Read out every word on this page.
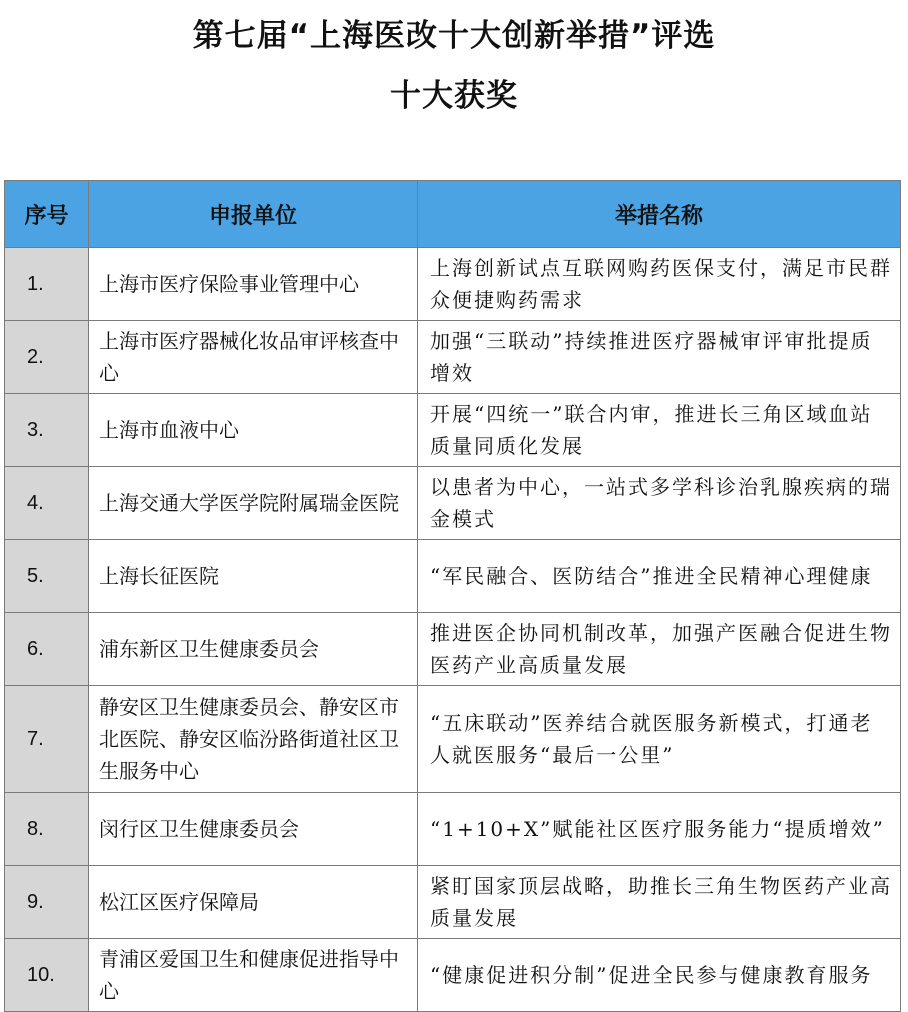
第七届“上海医改十大创新举措”评选
十大获奖
序号	申报单位	举措名称
1.	上海市医疗保险事业管理中心	上海创新试点互联网购药医保支付，满足市民群众便捷购药需求
2.	上海市医疗器械化妆品审评核查中心	加强“三联动”持续推进医疗器械审评审批提质增效
3.	上海市血液中心	开展“四统一”联合内审，推进长三角区域血站质量同质化发展
4.	上海交通大学医学院附属瑞金医院	以患者为中心，一站式多学科诊治乳腺疾病的瑞金模式
5.	上海长征医院	“军民融合、医防结合”推进全民精神心理健康
6.	浦东新区卫生健康委员会	推进医企协同机制改革，加强产医融合促进生物医药产业高质量发展
7.	静安区卫生健康委员会、静安区市北医院、静安区临汾路街道社区卫生服务中心	“五床联动”医养结合就医服务新模式，打通老人就医服务“最后一公里”
8.	闵行区卫生健康委员会	“1+10+X”赋能社区医疗服务能力“提质增效”
9.	松江区医疗保障局	紧盯国家顶层战略，助推长三角生物医药产业高质量发展
10.	青浦区爱国卫生和健康促进指导中心	“健康促进积分制”促进全民参与健康教育服务
